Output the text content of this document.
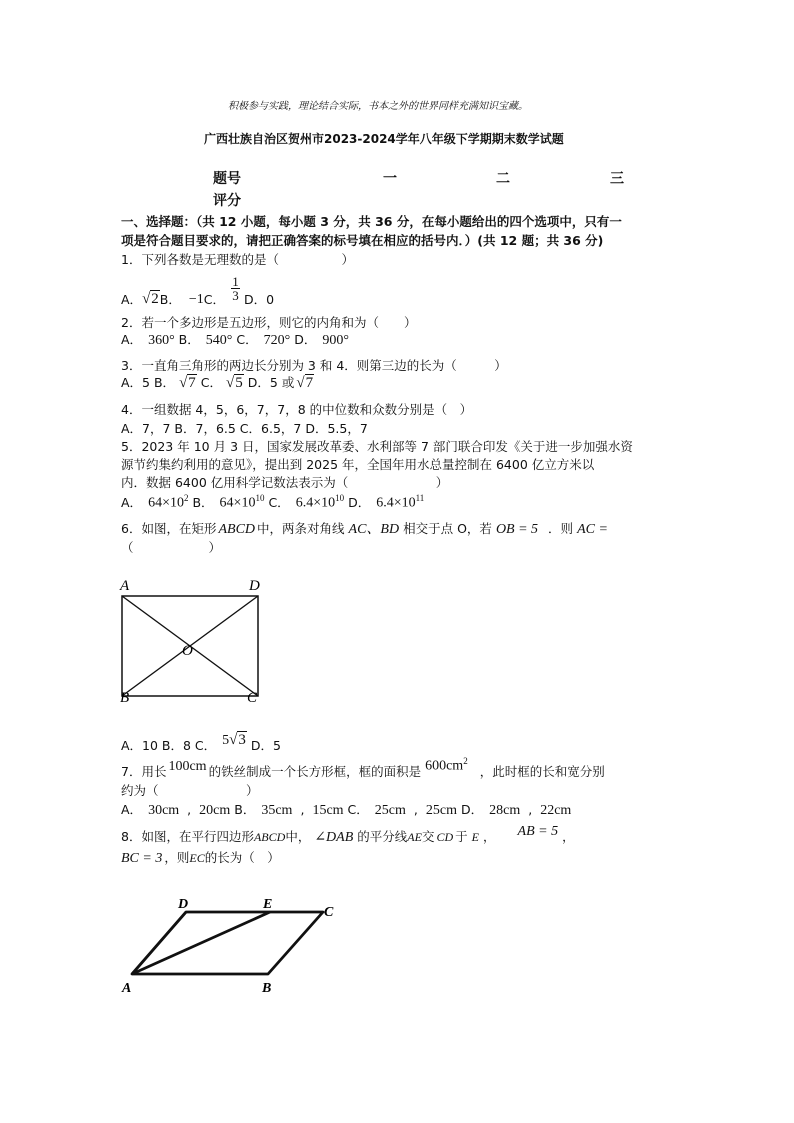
积极参与实践，理论结合实际，书本之外的世界同样充满知识宝藏。
广西壮族自治区贺州市2023-2024学年八年级下学期期末数学试题
题号	一	二	三
评分
一、选择题：（共 12 小题，每小题 3 分，共 36 分，在每小题给出的四个选项中，只有一
项是符合题目要求的，请把正确答案的标号填在相应的括号内．）(共 12 题；共 36 分)
1．下列各数是无理数的是（　　　　　）
A． √2 B． −1 C． $\frac{1}{3}$ D．0
2．若一个多边形是五边形，则它的内角和为（　　）
A． 360° B． 540° C． 720° D． 900°
3．一直角三角形的两边长分别为 3 和 4．则第三边的长为（　　　）
A．5 B． √7 C． √5 D．5 或 √7
4．一组数据 4，5，6，7，7，8 的中位数和众数分别是（　）
A．7，7 B．7，6.5 C．6.5，7 D．5.5，7
5．2023 年 10 月 3 日，国家发展改革委、水利部等 7 部门联合印发《关于进一步加强水资
源节约集约利用的意见》，提出到 2025 年，全国年用水总量控制在 6400 亿立方米以
内．数据 6400 亿用科学记数法表示为（　　　　　　　）
A． $64\times 10^2$ B． $64\times 10^{10}$ C． $6.4\times 10^{10}$ D． $6.4\times 10^{11}$
6．如图，在矩形 ABCD 中，两条对角线 AC、BD 相交于点 O，若 OB = 5 ．则 AC =
（　　　　　　）
A	D
B	C
O
A．10 B．8 C． 5√3 D．5
7．用长 100cm 的铁丝制成一个长方形框，框的面积是 $600cm^2$
，此时框的长和宽分别
约为（　　　　　　　）
A． 30cm , 20cm B． 35cm , 15cm C． 25cm , 25cm D． 28cm , 22cm
8．如图，在平行四边形 ABCD 中， ∠DAB 的平分线 AE 交 CD 于 E ， AB = 5 ，
BC = 3 ，则 EC 的长为（　）
A	B
C
D	E
